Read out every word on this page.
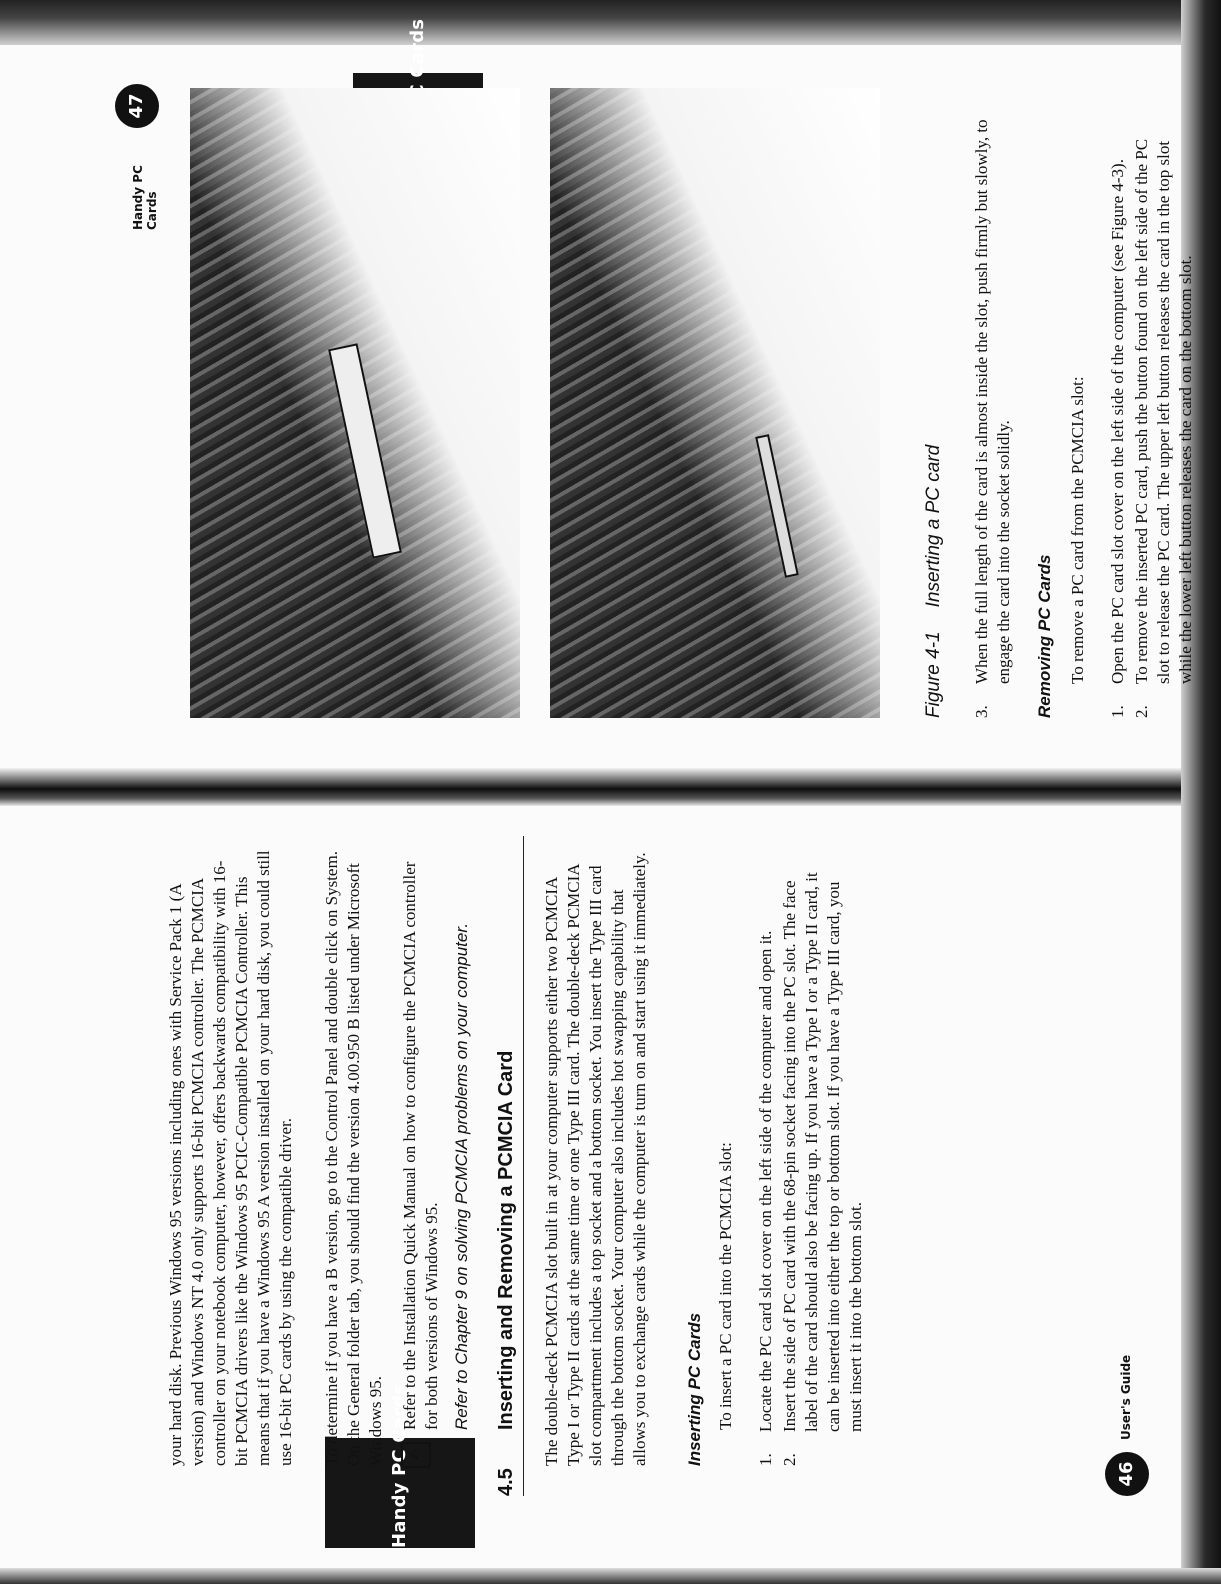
Figure 4-1Inserting a PC card
3.
When the full length of the card is almost inside the slot, push firmly but slowly, to engage the card into the socket solidly. Removing PC Cards To remove a PC card from the PCMCIA slot:
1.
Open the PC card slot cover on the left side of the computer (see Figure 4-3).
2.
To remove the inserted PC card, push the button found on the left side of the PC slot to release the PC card. The upper left button releases the card in the top slot while the lower left button releases the card on the bottom slot.
Handy PC Cards
47
Handy PC Cards
your hard disk. Previous Windows 95 versions including ones with Service Pack 1 (A version) and Windows NT 4.0 only supports 16-bit PCMCIA controller. The PCMCIA controller on your notebook computer, however, offers backwards compatibility with 16-bit PCMCIA drivers like the Windows 95 PCIC-Compatible PCMCIA Controller. This means that if you have a Windows 95 A version installed on your hard disk, you could still use 16-bit PC cards by using the compatible driver. To determine if you have a B version, go to the Control Panel and double click on System. On the General folder tab, you should find the version 4.00.950 B listed under Microsoft Windows 95.	✍
Refer to the Installation Quick Manual on how to configure the PCMCIA controller for both versions of Windows 95. Refer to Chapter 9 on solving PCMCIA problems on your computer.
4.5
Inserting and Removing a PCMCIA Card The double-deck PCMCIA slot built in at your computer supports either two PCMCIA Type I or Type II cards at the same time or one Type III card. The double-deck PCMCIA slot compartment includes a top socket and a bottom socket. You insert the Type III card through the bottom socket. Your computer also includes hot swapping capability that allows you to exchange cards while the computer is turn on and start using it immediately. Inserting PC Cards To insert a PC card into the PCMCIA slot:
1.
Locate the PC card slot cover on the left side of the computer and open it.
2.
Insert the side of PC card with the 68-pin socket facing into the PC slot. The face label of the card should also be facing up. If you have a Type I or a Type II card, it can be inserted into either the top or bottom slot. If you have a Type III card, you must insert it into the bottom slot.
46
User's Guide
